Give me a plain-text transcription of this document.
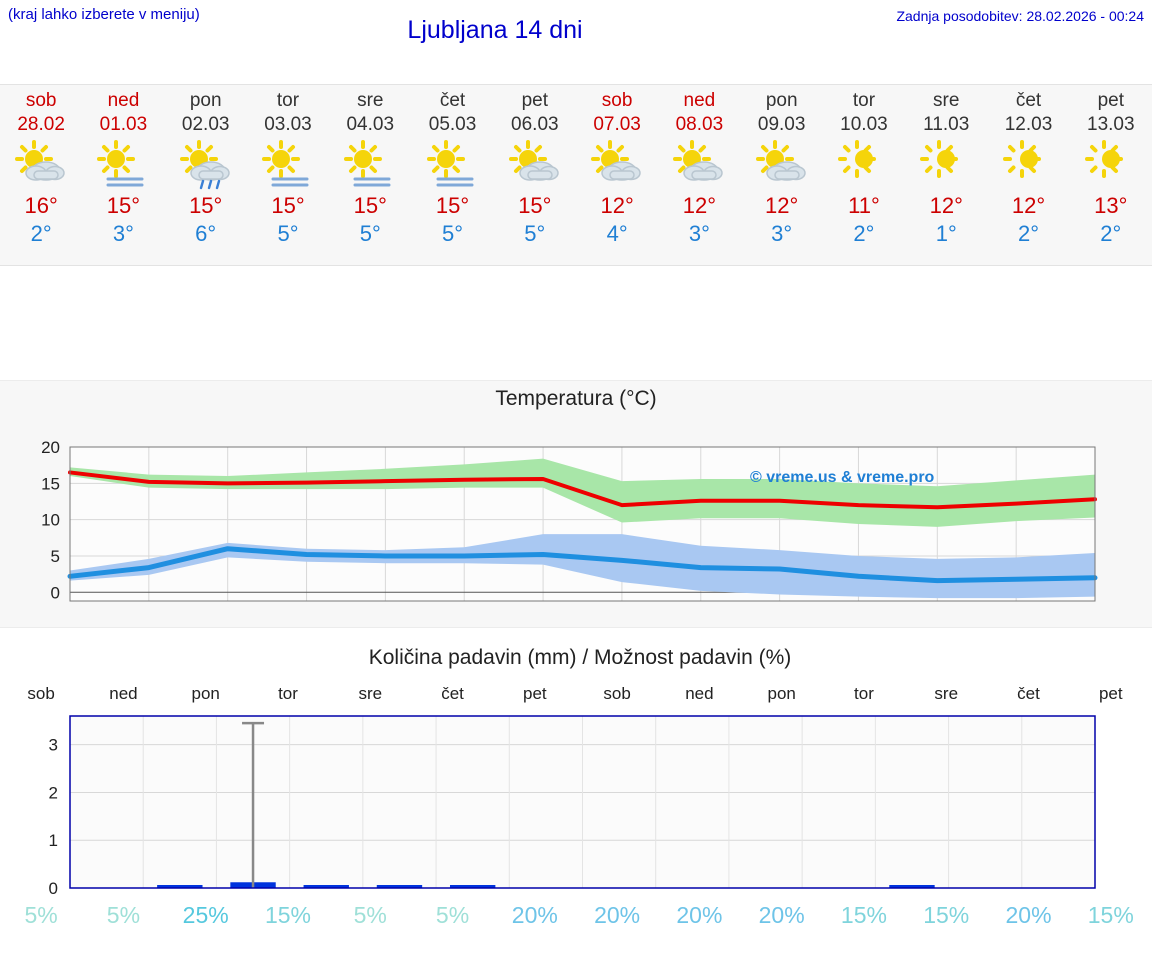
(kraj lahko izberete v meniju)
Ljubljana 14 dni	Zadnja posodobitev: 28.02.2026 - 00:24
sob
28.02
16°
2°
ned
01.03
15°
3°
pon
02.03
15°
6°
tor
03.03
15°
5°
sre
04.03
15°
5°
čet
05.03
15°
5°
pet
06.03
15°
5°
sob
07.03
12°
4°
ned
08.03
12°
3°
pon
09.03
12°
3°
tor
10.03
11°
2°
sre
11.03
12°
1°
čet
12.03
12°
2°
pet
13.03
13°
2°
Temperatura (°C)
© vreme.us & vreme.pro
0
5
10
15
20
Količina padavin (mm) / Možnost padavin (%)
sob	ned	pon	tor	sre	čet	pet	sob	ned	pon	tor	sre	čet	pet
0
1
2
3
5%	5%	25%	15%	5%	5%	20%	20%	20%	20%	15%	15%	20%	15%
